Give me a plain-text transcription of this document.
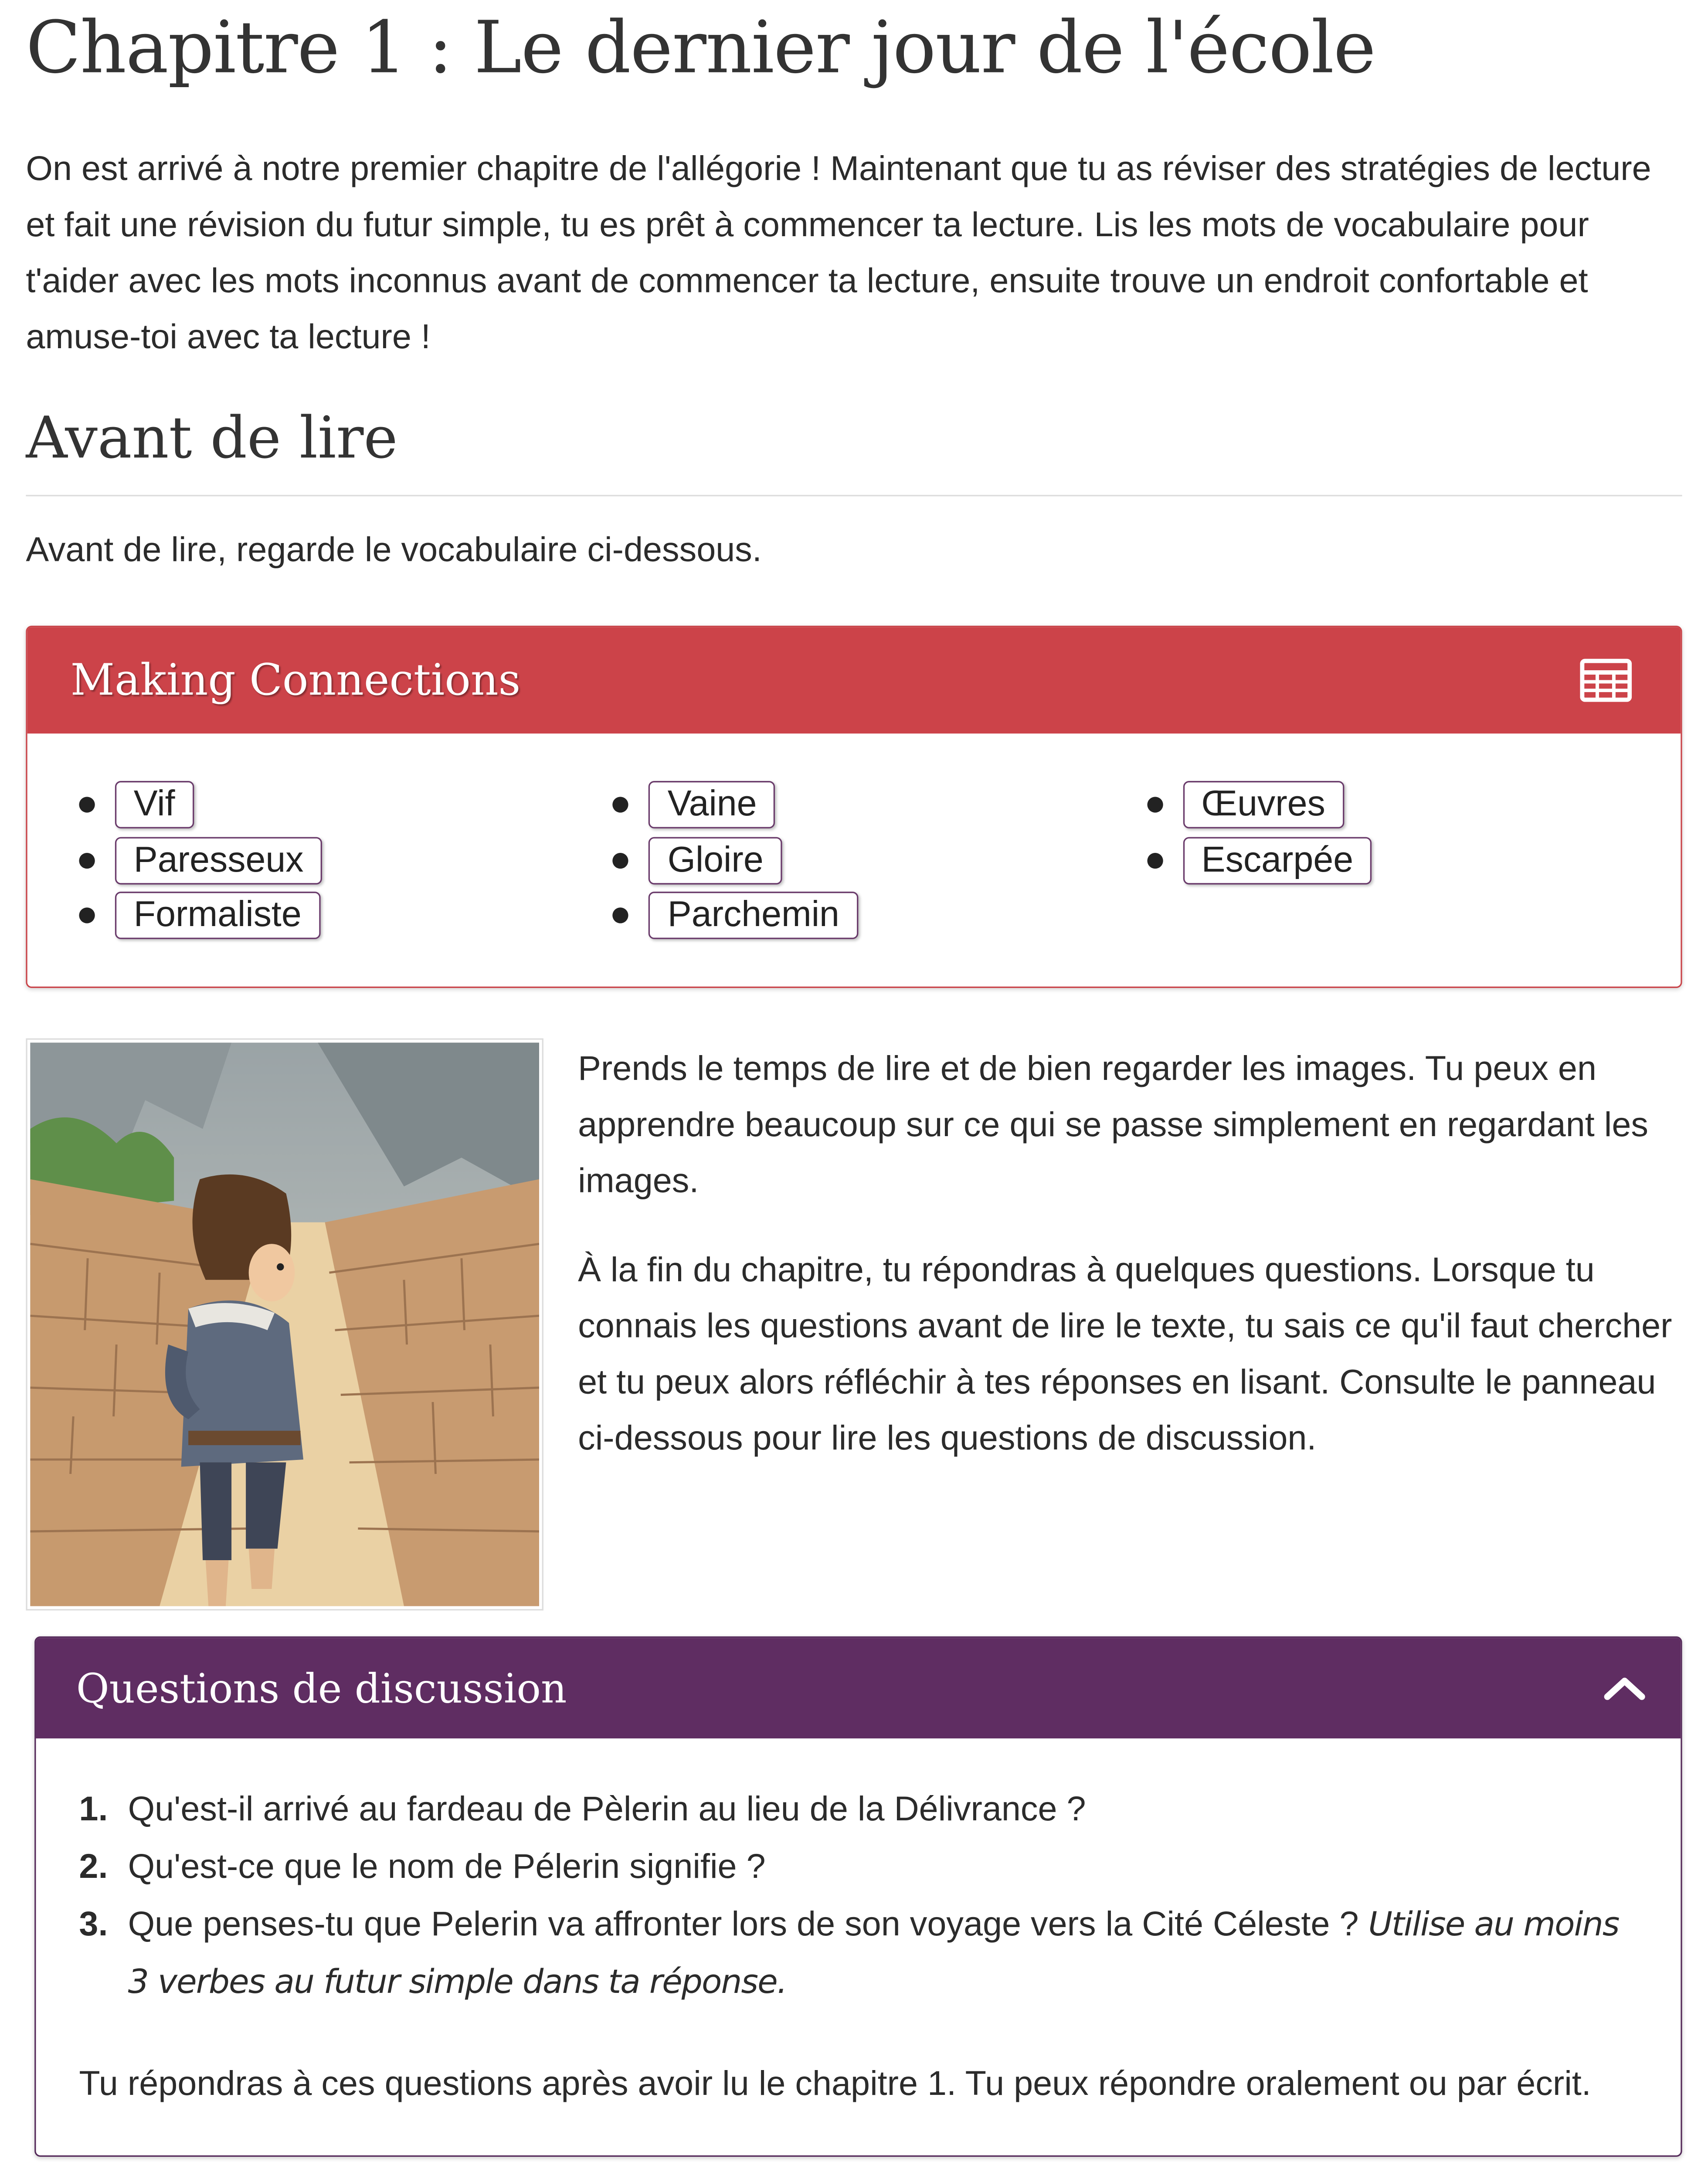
Chapitre 1 : Le dernier jour de l'école

On est arrivé à notre premier chapitre de l'allégorie ! Maintenant que tu as réviser des stratégies de lecture et fait une révision du futur simple, tu es prêt à commencer ta lecture. Lis les mots de vocabulaire pour t'aider avec les mots inconnus avant de commencer ta lecture, ensuite trouve un endroit confortable et amuse-toi avec ta lecture !

Avant de lire

Avant de lire, regarde le vocabulaire ci-dessous.

Making Connections
Vif
Paresseux
Formaliste
Vaine
Gloire
Parchemin
Œuvres
Escarpée

Prends le temps de lire et de bien regarder les images. Tu peux en apprendre beaucoup sur ce qui se passe simplement en regardant les images.

À la fin du chapitre, tu répondras à quelques questions. Lorsque tu connais les questions avant de lire le texte, tu sais ce qu'il faut chercher et tu peux alors réfléchir à tes réponses en lisant. Consulte le panneau ci-dessous pour lire les questions de discussion.

Questions de discussion
1.	Qu'est-il arrivé au fardeau de Pèlerin au lieu de la Délivrance ?
2.	Qu'est-ce que le nom de Pélerin signifie ?
3.	Que penses-tu que Pelerin va affronter lors de son voyage vers la Cité Céleste ? Utilise au moins 3 verbes au futur simple dans ta réponse.

Tu répondras à ces questions après avoir lu le chapitre 1. Tu peux répondre oralement ou par écrit.
